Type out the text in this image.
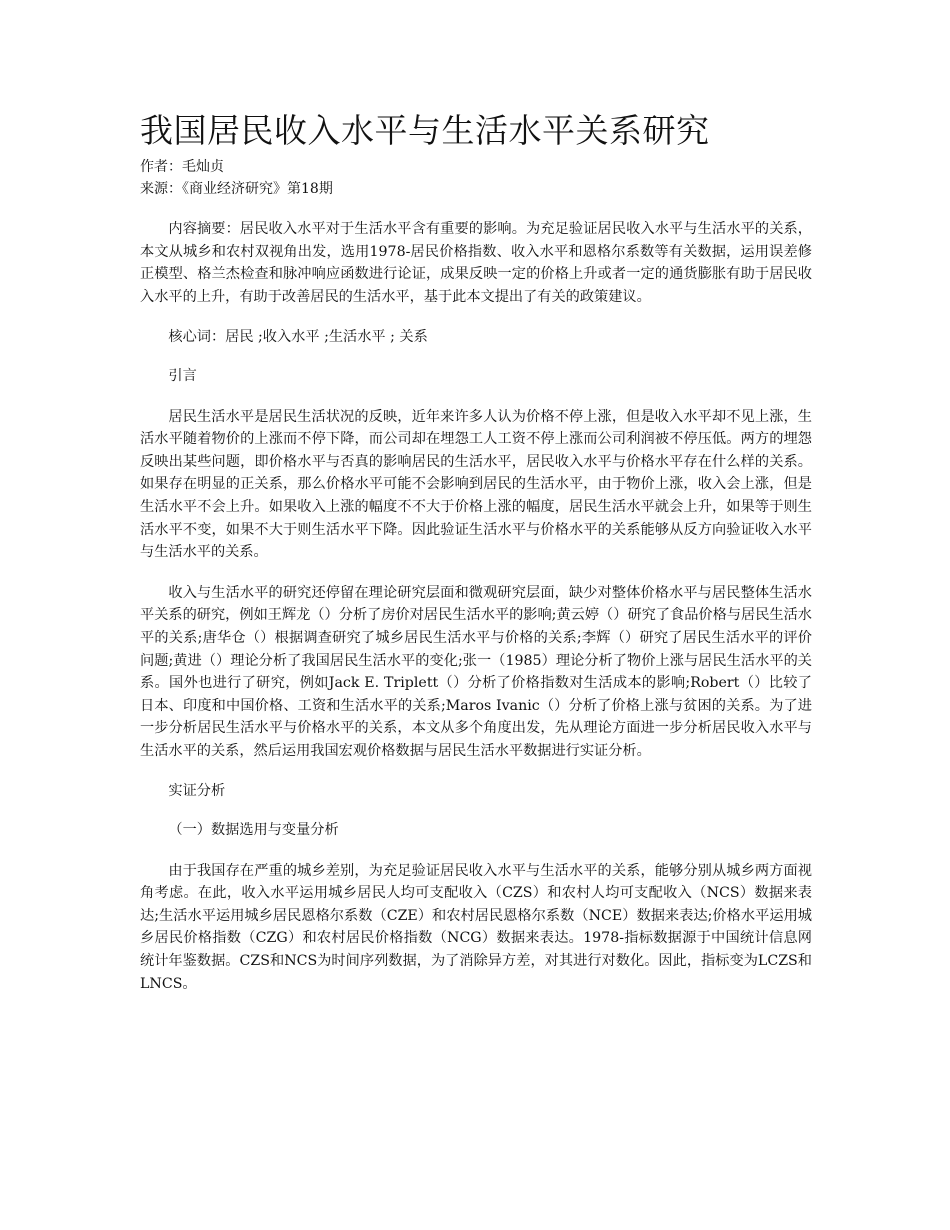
我国居民收入水平与生活水平关系研究

作者：毛灿贞

来源：《商业经济研究》第18期

内容摘要：居民收入水平对于生活水平含有重要的影响。为充足验证居民收入水平与生活水平的关系，本文从城乡和农村双视角出发，选用1978-居民价格指数、收入水平和恩格尔系数等有关数据，运用误差修正模型、格兰杰检查和脉冲响应函数进行论证，成果反映一定的价格上升或者一定的通货膨胀有助于居民收入水平的上升，有助于改善居民的生活水平，基于此本文提出了有关的政策建议。

核心词：居民 ;收入水平 ;生活水平 ; 关系

引言

居民生活水平是居民生活状况的反映，近年来许多人认为价格不停上涨，但是收入水平却不见上涨，生活水平随着物价的上涨而不停下降，而公司却在埋怨工人工资不停上涨而公司利润被不停压低。两方的埋怨反映出某些问题，即价格水平与否真的影响居民的生活水平，居民收入水平与价格水平存在什么样的关系。如果存在明显的正关系，那么价格水平可能不会影响到居民的生活水平，由于物价上涨，收入会上涨，但是生活水平不会上升。如果收入上涨的幅度不不大于价格上涨的幅度，居民生活水平就会上升，如果等于则生活水平不变，如果不大于则生活水平下降。因此验证生活水平与价格水平的关系能够从反方向验证收入水平与生活水平的关系。

收入与生活水平的研究还停留在理论研究层面和微观研究层面，缺少对整体价格水平与居民整体生活水平关系的研究，例如王辉龙（）分析了房价对居民生活水平的影响;黄云婷（）研究了食品价格与居民生活水平的关系;唐华仓（）根据调查研究了城乡居民生活水平与价格的关系;李辉（）研究了居民生活水平的评价问题;黄进（）理论分析了我国居民生活水平的变化;张一（1985）理论分析了物价上涨与居民生活水平的关系。国外也进行了研究，例如Jack E. Triplett（）分析了价格指数对生活成本的影响;Robert（）比较了日本、印度和中国价格、工资和生活水平的关系;Maros Ivanic（）分析了价格上涨与贫困的关系。为了进一步分析居民生活水平与价格水平的关系，本文从多个角度出发，先从理论方面进一步分析居民收入水平与生活水平的关系，然后运用我国宏观价格数据与居民生活水平数据进行实证分析。

实证分析

（一）数据选用与变量分析

由于我国存在严重的城乡差别，为充足验证居民收入水平与生活水平的关系，能够分别从城乡两方面视角考虑。在此，收入水平运用城乡居民人均可支配收入（CZS）和农村人均可支配收入（NCS）数据来表达;生活水平运用城乡居民恩格尔系数（CZE）和农村居民恩格尔系数（NCE）数据来表达;价格水平运用城乡居民价格指数（CZG）和农村居民价格指数（NCG）数据来表达。1978-指标数据源于中国统计信息网统计年鉴数据。CZS和NCS为时间序列数据，为了消除异方差，对其进行对数化。因此，指标变为LCZS和LNCS。
